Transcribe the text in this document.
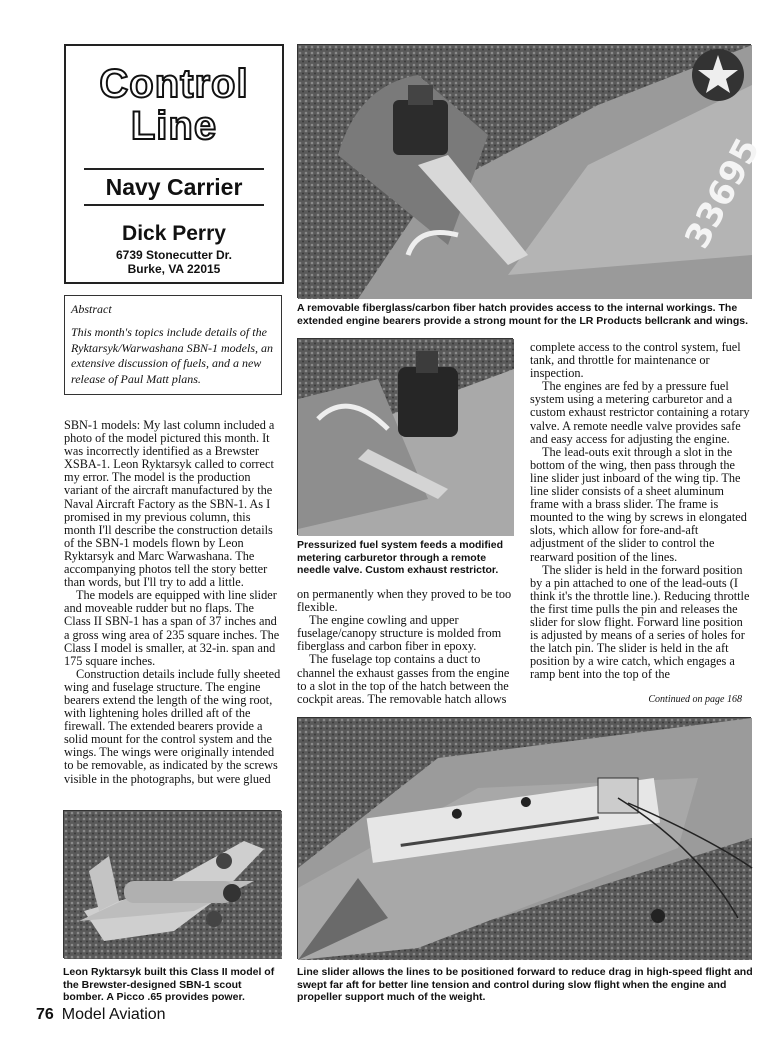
Control
Line
Navy Carrier
Dick Perry
6739 Stonecutter Dr.
Burke, VA 22015
Abstract
This month's topics include details of the Ryktarsyk/Warwashana SBN-1 models, an extensive discussion of fuels, and a new release of Paul Matt plans.
33695
A removable fiberglass/carbon fiber hatch provides access to the internal workings. The extended engine bearers provide a strong mount for the LR Products bellcrank and wings.
Pressurized fuel system feeds a modified metering carburetor through a remote needle valve. Custom exhaust restrictor.

SBN-1 models: My last column included a photo of the model pictured this month. It was incorrectly identified as a Brewster XSBA-1. Leon Ryktarsyk called to correct my error. The model is the production variant of the aircraft manufactured by the Naval Aircraft Factory as the SBN-1. As I promised in my previous column, this month I'll describe the construction details of the SBN-1 models flown by Leon Ryktarsyk and Marc Warwashana. The accompanying photos tell the story better than words, but I'll try to add a little.

The models are equipped with line slider and moveable rudder but no flaps. The Class II SBN-1 has a span of 37 inches and a gross wing area of 235 square inches. The Class I model is smaller, at 32-in. span and 175 square inches.

Construction details include fully sheeted wing and fuselage structure. The engine bearers extend the length of the wing root, with lightening holes drilled aft of the firewall. The extended bearers provide a solid mount for the control system and the wings. The wings were originally intended to be removable, as indicated by the screws visible in the photographs, but were glued

on permanently when they proved to be too flexible.

The engine cowling and upper fuselage/canopy structure is molded from fiberglass and carbon fiber in epoxy.

The fuselage top contains a duct to channel the exhaust gasses from the engine to a slot in the top of the hatch between the cockpit areas. The removable hatch allows

complete access to the control system, fuel tank, and throttle for maintenance or inspection.

The engines are fed by a pressure fuel system using a metering carburetor and a custom exhaust restrictor containing a rotary valve. A remote needle valve provides safe and easy access for adjusting the engine.

The lead-outs exit through a slot in the bottom of the wing, then pass through the line slider just inboard of the wing tip. The line slider consists of a sheet aluminum frame with a brass slider. The frame is mounted to the wing by screws in elongated slots, which allow for fore-and-aft adjustment of the slider to control the rearward position of the lines.

The slider is held in the forward position by a pin attached to one of the lead-outs (I think it's the throttle line.). Reducing throttle the first time pulls the pin and releases the slider for slow flight. Forward line position is adjusted by means of a series of holes for the latch pin. The slider is held in the aft position by a wire catch, which engages a ramp bent into the top of the

Continued on page 168
Leon Ryktarsyk built this Class II model of the Brewster-designed SBN-1 scout bomber. A Picco .65 provides power.
Line slider allows the lines to be positioned forward to reduce drag in high-speed flight and swept far aft for better line tension and control during slow flight when the engine and propeller support much of the weight.
76 Model Aviation
